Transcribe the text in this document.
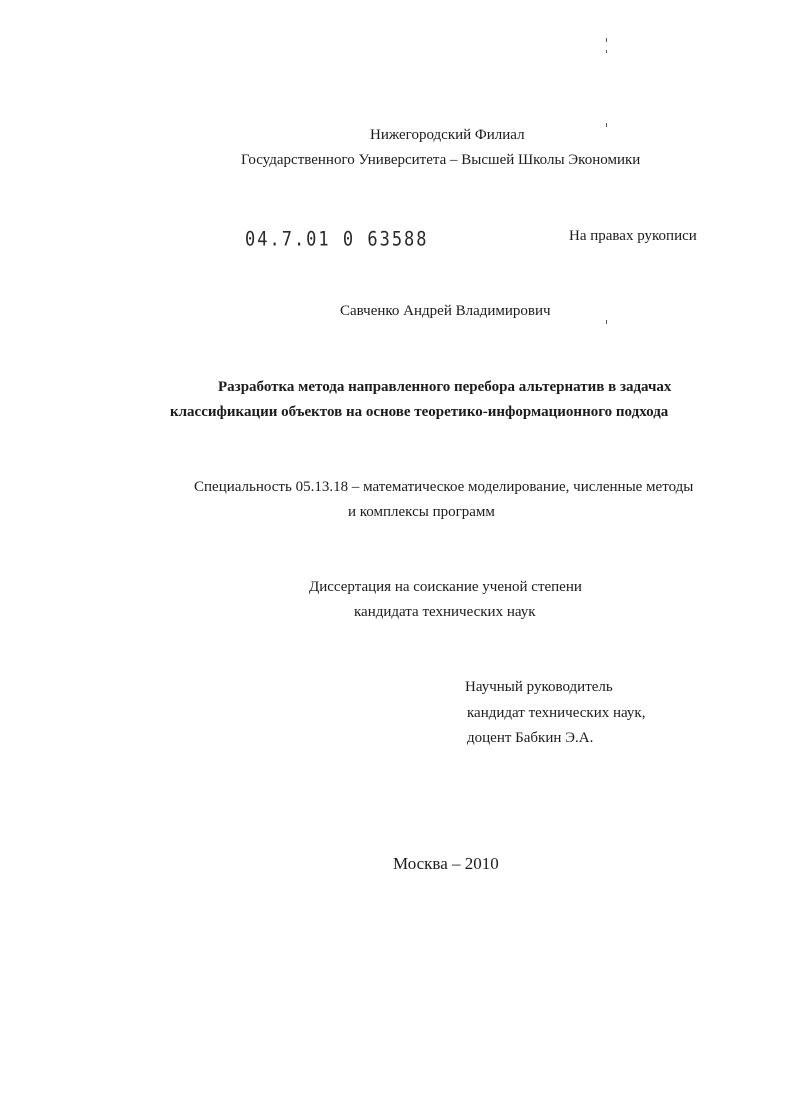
Нижегородский Филиал
Государственного Университета – Высшей Школы Экономики
04.7.01 0 63588	На правах рукописи
Савченко Андрей Владимирович
Разработка метода направленного перебора альтернатив в задачах
классификации объектов на основе теоретико-информационного подхода
Специальность 05.13.18 – математическое моделирование, численные методы
и комплексы программ
Диссертация на соискание ученой степени
кандидата технических наук
Научный руководитель
кандидат технических наук,
доцент Бабкин Э.А.
Москва – 2010
